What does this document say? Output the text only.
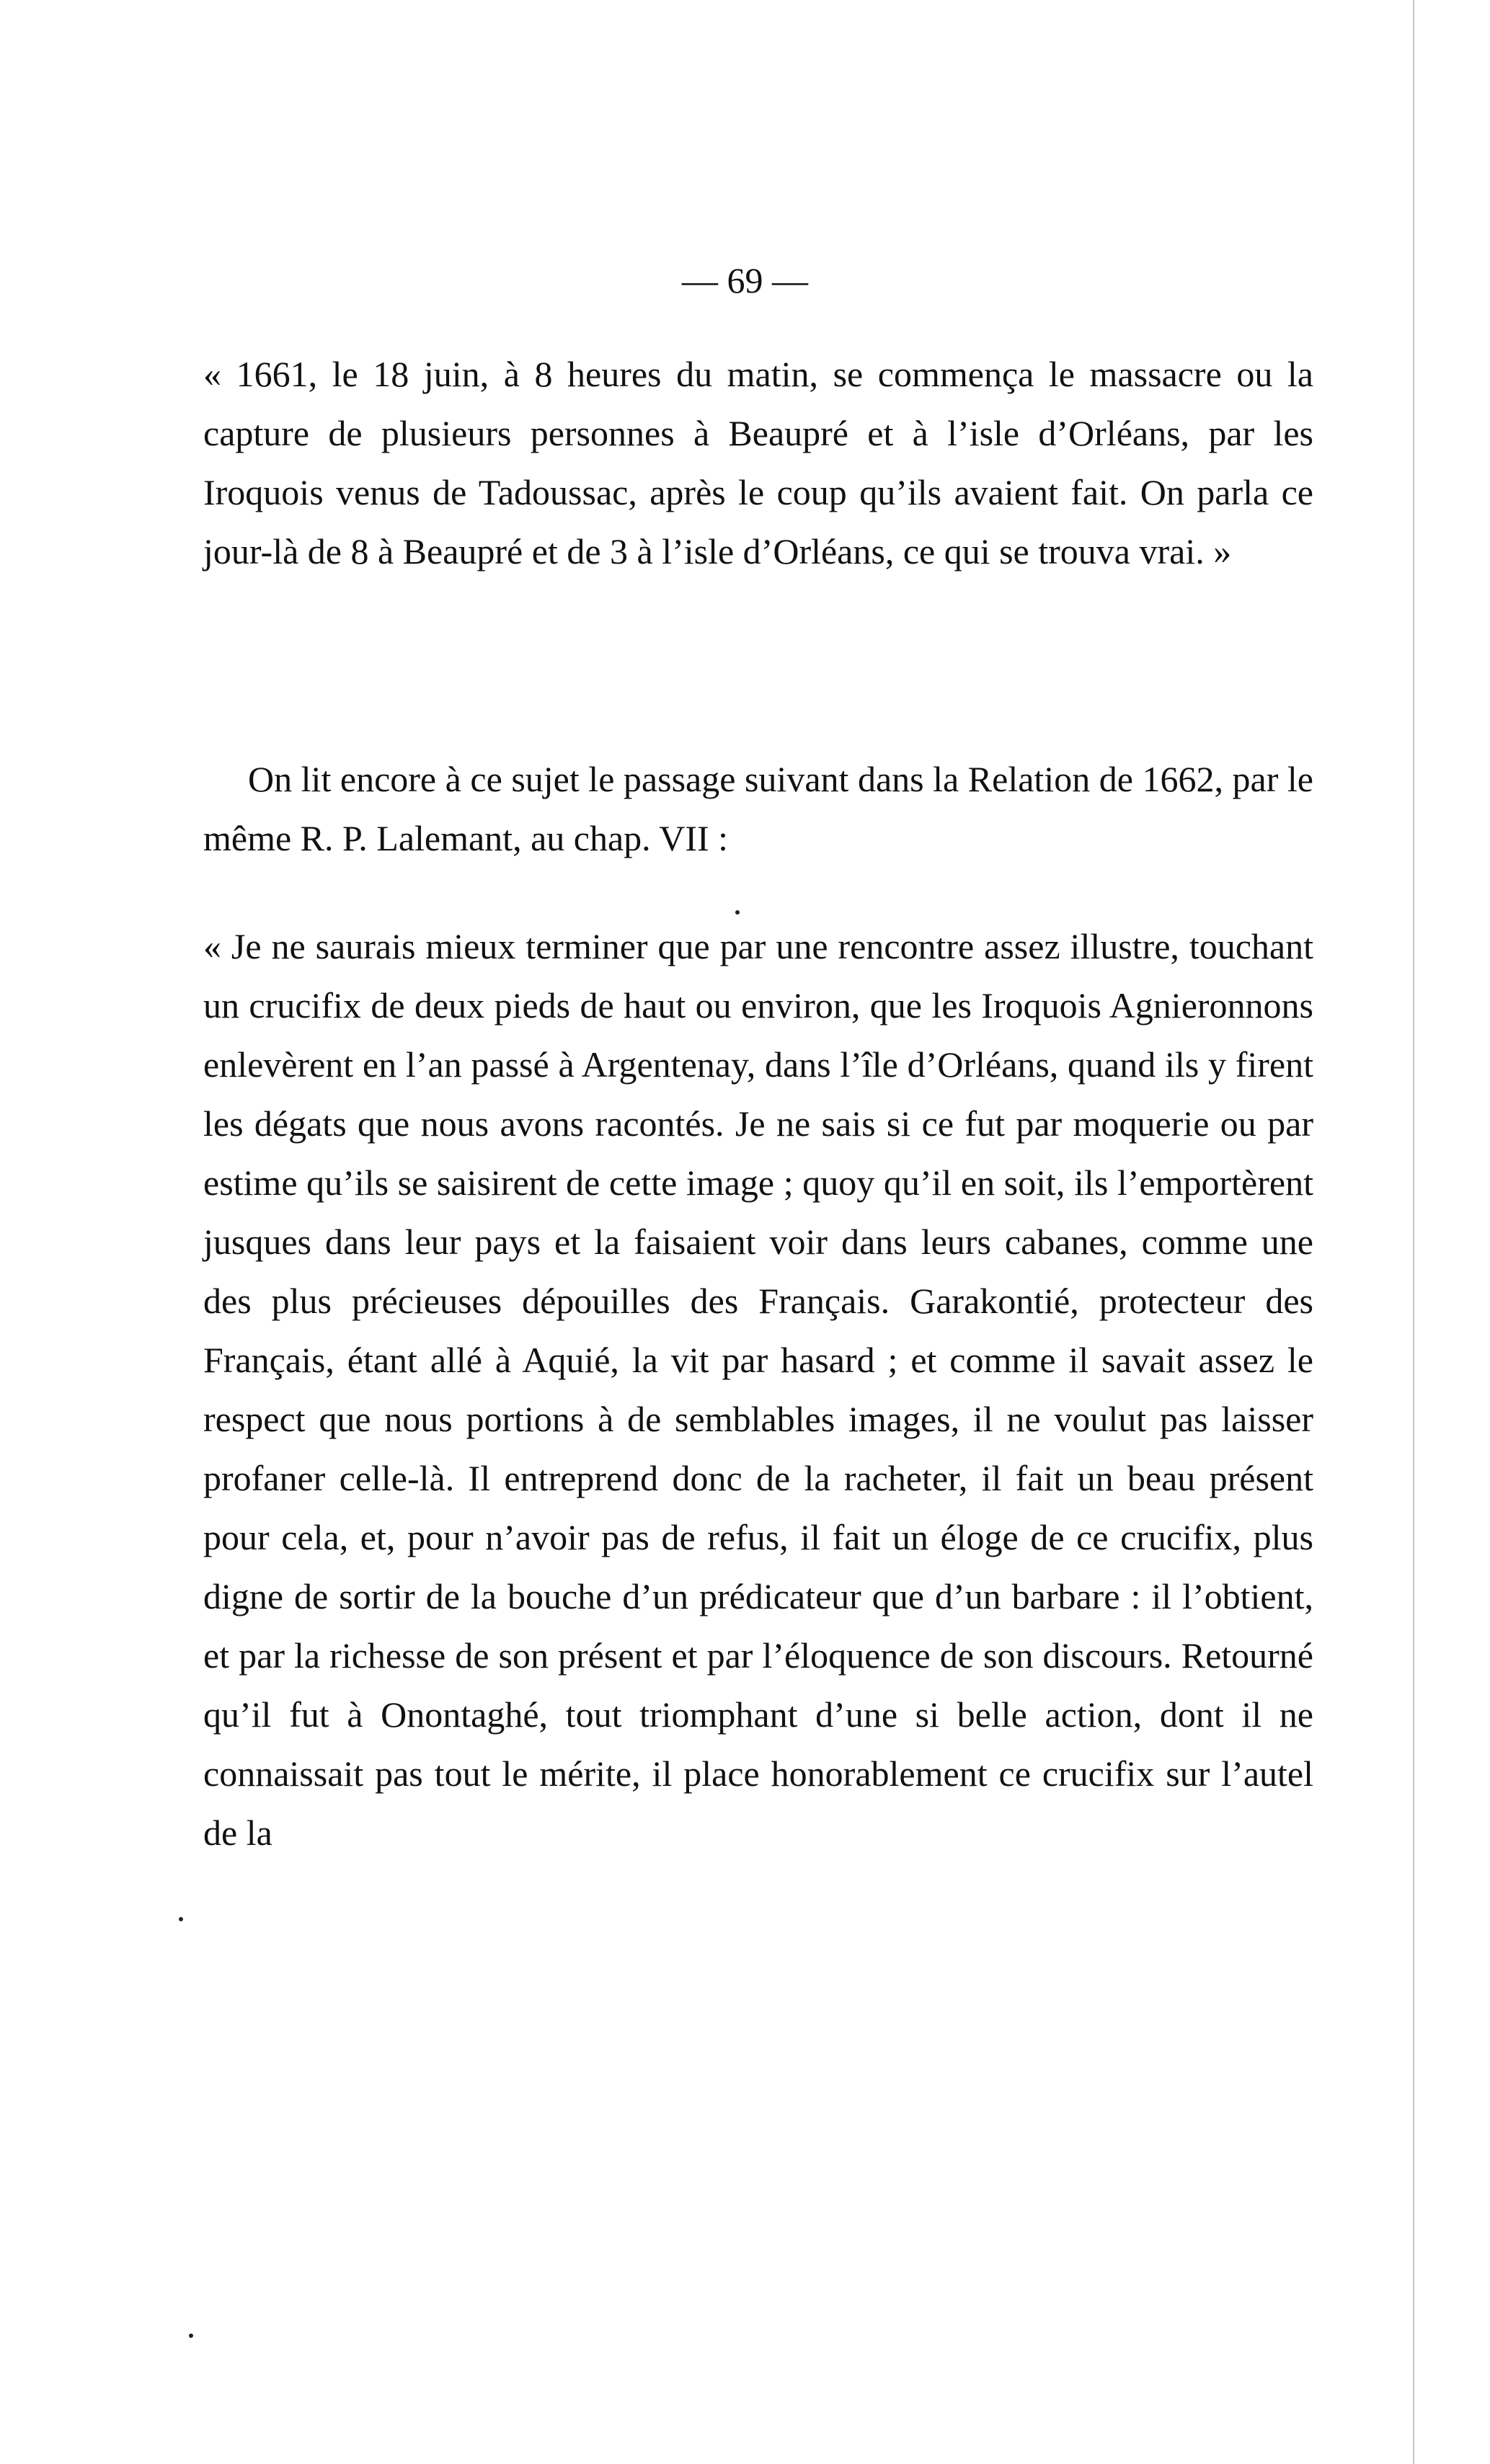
— 69 —

« 1661, le 18 juin, à 8 heures du matin, se commença le massacre ou la capture de plusieurs personnes à Beaupré et à l’isle d’Orléans, par les Iroquois venus de Tadoussac, après le coup qu’ils avaient fait. On parla ce jour-là de 8 à Beaupré et de 3 à l’isle d’Orléans, ce qui se trouva vrai. »

On lit encore à ce sujet le passage suivant dans la Relation de 1662, par le même R. P. Lalemant, au chap. VII :

« Je ne saurais mieux terminer que par une rencontre assez illustre, touchant un crucifix de deux pieds de haut ou environ, que les Iroquois Agnieronnons enlevèrent en l’an passé à Argentenay, dans l’île d’Orléans, quand ils y firent les dégats que nous avons racontés. Je ne sais si ce fut par moquerie ou par estime qu’ils se saisirent de cette image ; quoy qu’il en soit, ils l’emportèrent jusques dans leur pays et la faisaient voir dans leurs cabanes, comme une des plus précieuses dépouilles des Français. Garakontié, protecteur des Français, étant allé à Aquié, la vit par hasard ; et comme il savait assez le respect que nous portions à de semblables images, il ne voulut pas laisser profaner celle-là. Il entreprend donc de la racheter, il fait un beau présent pour cela, et, pour n’avoir pas de refus, il fait un éloge de ce crucifix, plus digne de sortir de la bouche d’un prédicateur que d’un barbare : il l’obtient, et par la richesse de son présent et par l’éloquence de son discours. Retourné qu’il fut à Onontaghé, tout triomphant d’une si belle action, dont il ne connaissait pas tout le mérite, il place honorablement ce crucifix sur l’autel de la
